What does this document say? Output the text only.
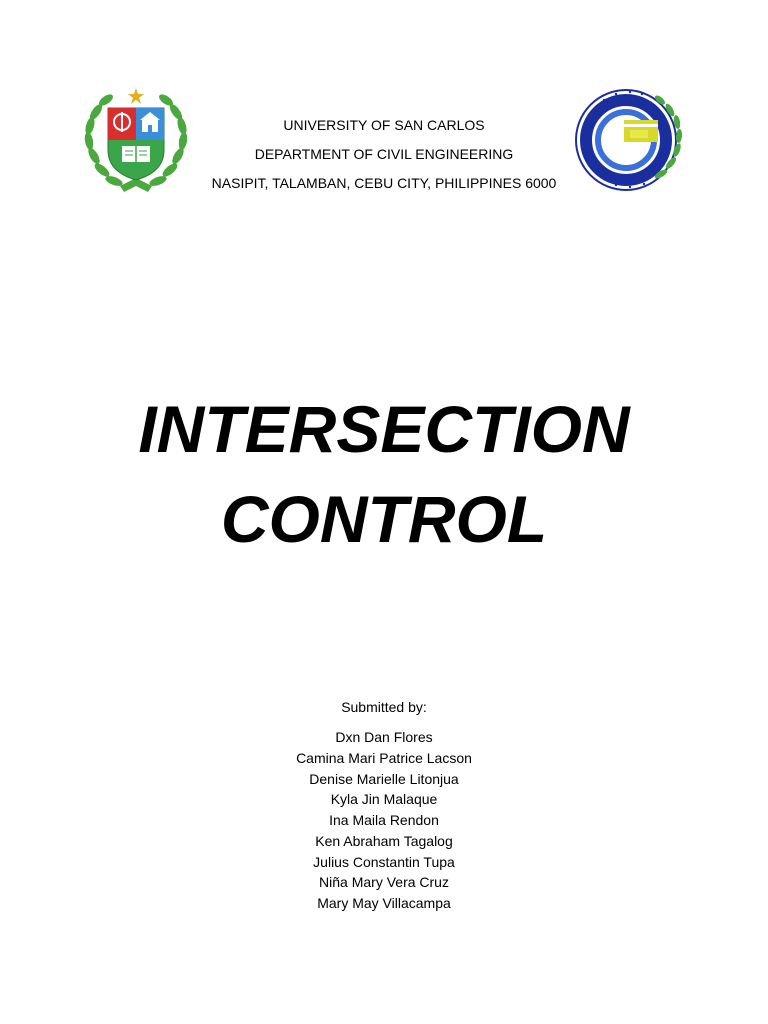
UNIVERSITY OF SAN CARLOS

DEPARTMENT OF CIVIL ENGINEERING

NASIPIT, TALAMBAN, CEBU CITY, PHILIPPINES 6000

INTERSECTION

CONTROL

Submitted by:
Dxn Dan Flores
Camina Mari Patrice Lacson
Denise Marielle Litonjua
Kyla Jin Malaque
Ina Maila Rendon
Ken Abraham Tagalog
Julius Constantin Tupa
Niña Mary Vera Cruz
Mary May Villacampa
